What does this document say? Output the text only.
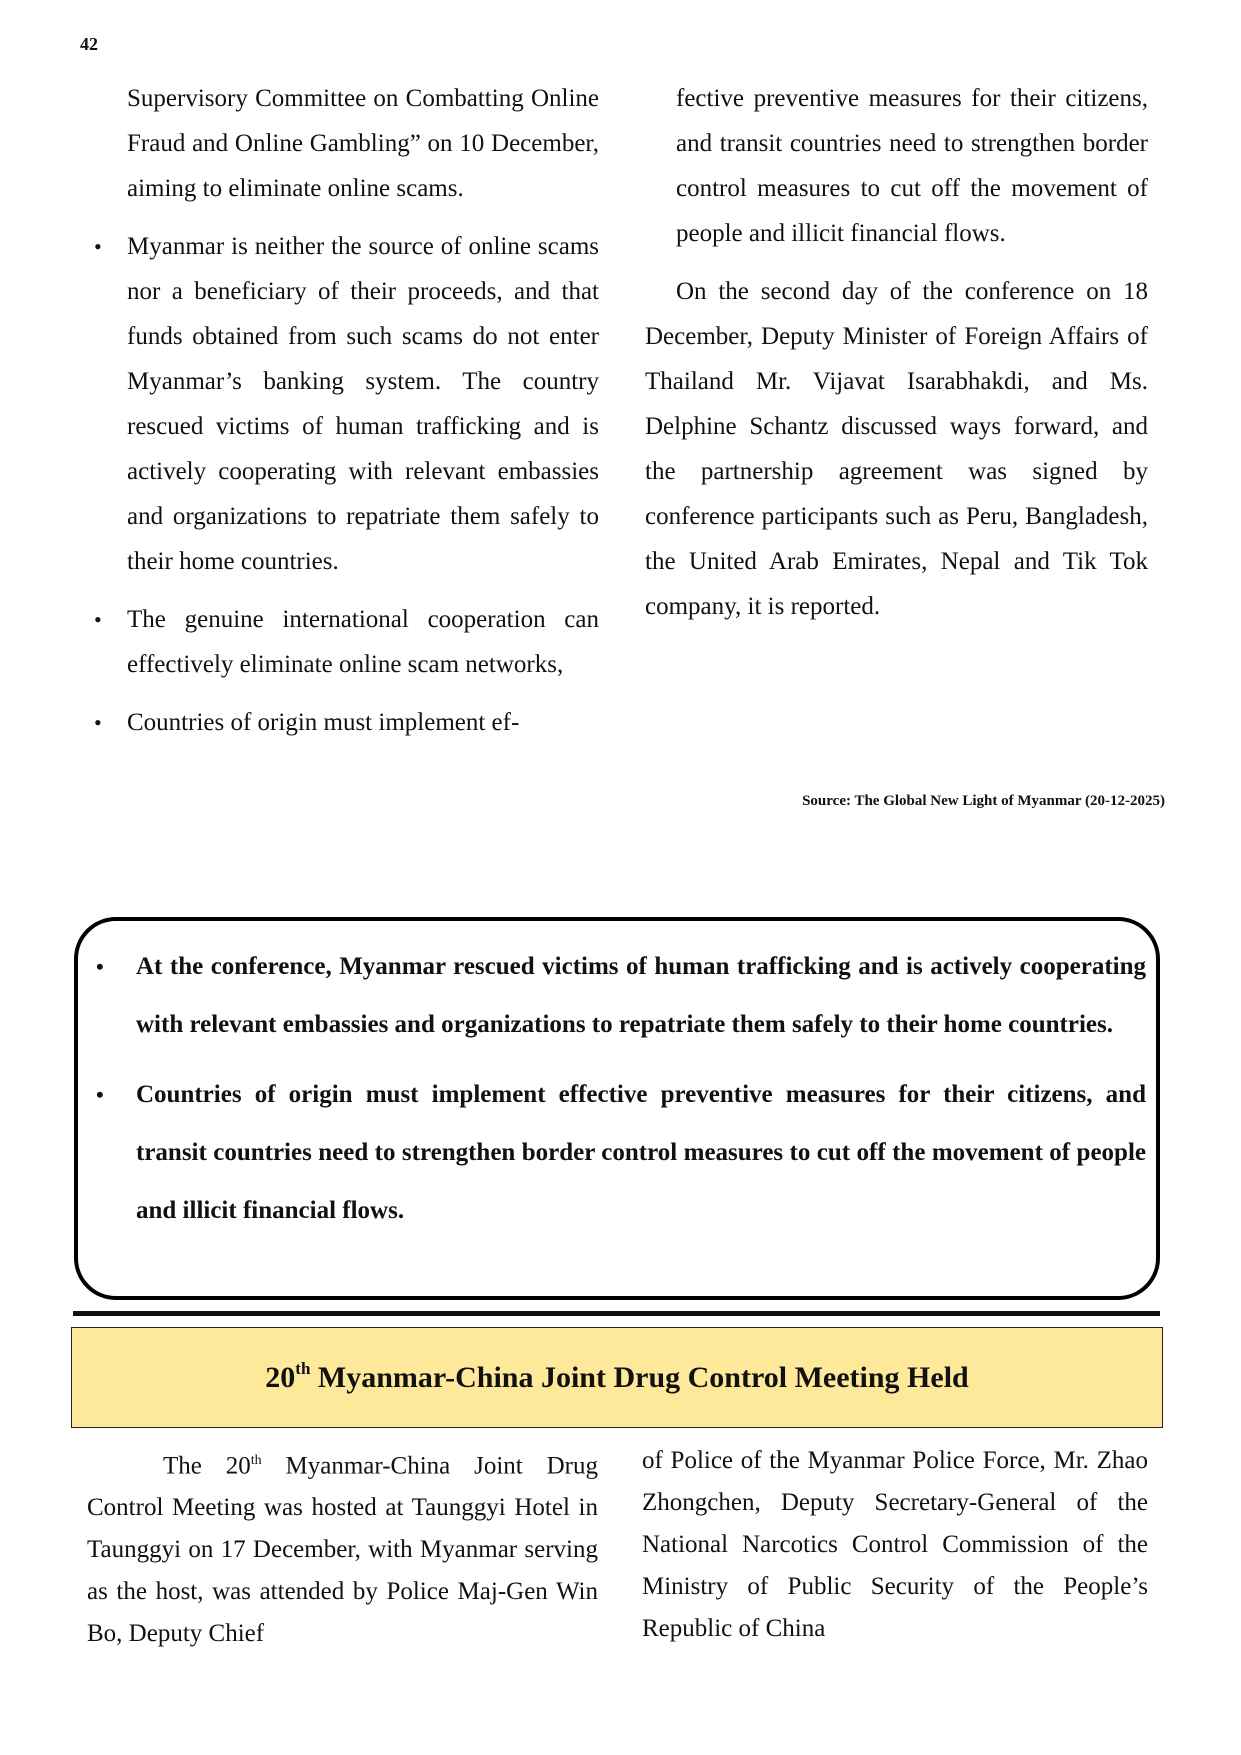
42

Supervisory Committee on Combatting Online Fraud and Online Gambling” on 10 December, aiming to eliminate online scams.

• Myanmar is neither the source of online scams nor a beneficiary of their proceeds, and that funds obtained from such scams do not enter Myanmar’s banking system. The country rescued victims of human trafficking and is actively cooperating with relevant embassies and organizations to repatriate them safely to their home countries.

• The genuine international cooperation can effectively eliminate online scam networks,

• Countries of origin must implement ef-

fective preventive measures for their citizens, and transit countries need to strengthen border control measures to cut off the movement of people and illicit financial flows.

On the second day of the conference on 18 December, Deputy Minister of Foreign Affairs of Thailand Mr. Vijavat Isarabhakdi, and Ms. Delphine Schantz discussed ways forward, and the partnership agreement was signed by conference participants such as Peru, Bangladesh, the United Arab Emirates, Nepal and Tik Tok company, it is reported.

Source: The Global New Light of Myanmar (20-12-2025)

• At the conference, Myanmar rescued victims of human trafficking and is actively cooperating with relevant embassies and organizations to repatriate them safely to their home countries.

• Countries of origin must implement effective preventive measures for their citizens, and transit countries need to strengthen border control measures to cut off the movement of people and illicit financial flows.

20th Myanmar-China Joint Drug Control Meeting Held

The 20th Myanmar-China Joint Drug Control Meeting was hosted at Taunggyi Hotel in Taunggyi on 17 December, with Myanmar serving as the host, was attended by Police Maj-Gen Win Bo, Deputy Chief

of Police of the Myanmar Police Force, Mr. Zhao Zhongchen, Deputy Secretary-General of the National Narcotics Control Commission of the Ministry of Public Security of the People’s Republic of China
